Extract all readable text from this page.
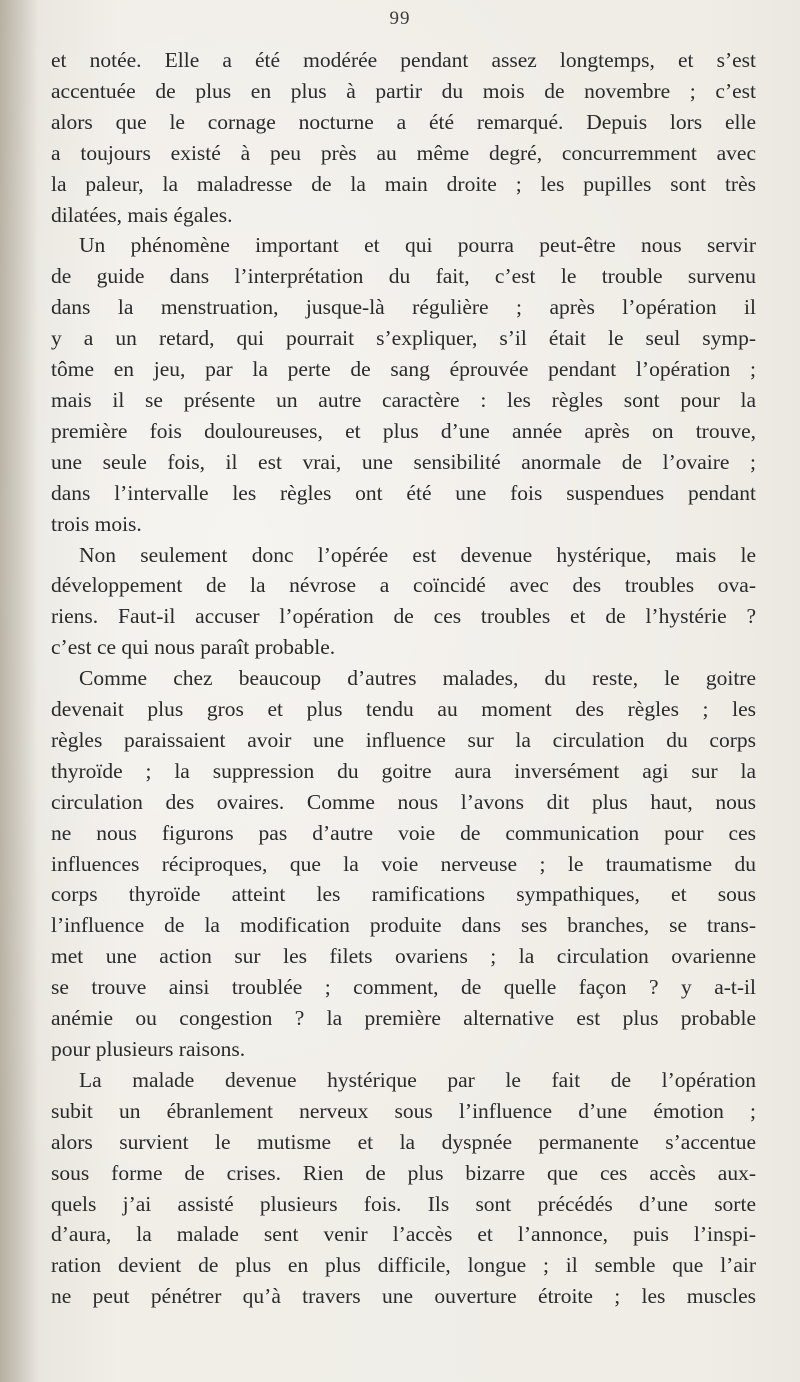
99
et notée. Elle a été modérée pendant assez longtemps, et s’est
accentuée de plus en plus à partir du mois de novembre ; c’est
alors que le cornage nocturne a été remarqué. Depuis lors elle
a toujours existé à peu près au même degré, concurremment avec
la paleur, la maladresse de la main droite ; les pupilles sont très
dilatées, mais égales.
Un phénomène important et qui pourra peut-être nous servir
de guide dans l’interprétation du fait, c’est le trouble survenu
dans la menstruation, jusque-là régulière ; après l’opération il
y a un retard, qui pourrait s’expliquer, s’il était le seul symp-
tôme en jeu, par la perte de sang éprouvée pendant l’opération ;
mais il se présente un autre caractère : les règles sont pour la
première fois douloureuses, et plus d’une année après on trouve,
une seule fois, il est vrai, une sensibilité anormale de l’ovaire ;
dans l’intervalle les règles ont été une fois suspendues pendant
trois mois.
Non seulement donc l’opérée est devenue hystérique, mais le
développement de la névrose a coïncidé avec des troubles ova-
riens. Faut-il accuser l’opération de ces troubles et de l’hystérie ?
c’est ce qui nous paraît probable.
Comme chez beaucoup d’autres malades, du reste, le goitre
devenait plus gros et plus tendu au moment des règles ; les
règles paraissaient avoir une influence sur la circulation du corps
thyroïde ; la suppression du goitre aura inversément agi sur la
circulation des ovaires. Comme nous l’avons dit plus haut, nous
ne nous figurons pas d’autre voie de communication pour ces
influences réciproques, que la voie nerveuse ; le traumatisme du
corps thyroïde atteint les ramifications sympathiques, et sous
l’influence de la modification produite dans ses branches, se trans-
met une action sur les filets ovariens ; la circulation ovarienne
se trouve ainsi troublée ; comment, de quelle façon ? y a-t-il
anémie ou congestion ? la première alternative est plus probable
pour plusieurs raisons.
La malade devenue hystérique par le fait de l’opération
subit un ébranlement nerveux sous l’influence d’une émotion ;
alors survient le mutisme et la dyspnée permanente s’accentue
sous forme de crises. Rien de plus bizarre que ces accès aux-
quels j’ai assisté plusieurs fois. Ils sont précédés d’une sorte
d’aura, la malade sent venir l’accès et l’annonce, puis l’inspi-
ration devient de plus en plus difficile, longue ; il semble que l’air
ne peut pénétrer qu’à travers une ouverture étroite ; les muscles
